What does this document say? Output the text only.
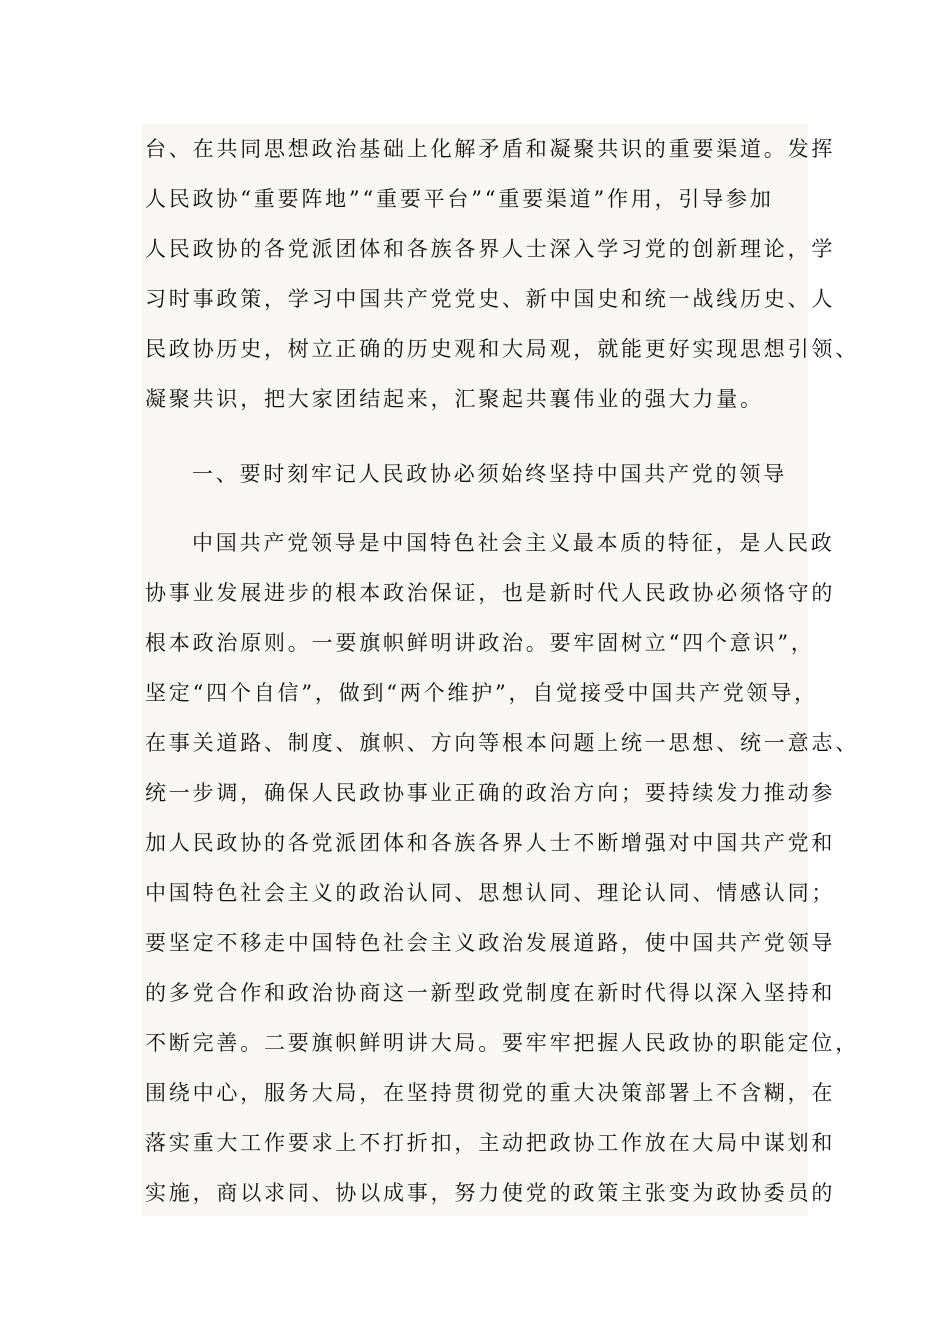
台、在共同思想政治基础上化解矛盾和凝聚共识的重要渠道。发挥
人民政协“重要阵地”“重要平台”“重要渠道”作用，引导参加
人民政协的各党派团体和各族各界人士深入学习党的创新理论，学
习时事政策，学习中国共产党党史、新中国史和统一战线历史、人
民政协历史，树立正确的历史观和大局观，就能更好实现思想引领、
凝聚共识，把大家团结起来，汇聚起共襄伟业的强大力量。
一、要时刻牢记人民政协必须始终坚持中国共产党的领导
中国共产党领导是中国特色社会主义最本质的特征，是人民政
协事业发展进步的根本政治保证，也是新时代人民政协必须恪守的
根本政治原则。一要旗帜鲜明讲政治。要牢固树立“四个意识”，
坚定“四个自信”，做到“两个维护”，自觉接受中国共产党领导，
在事关道路、制度、旗帜、方向等根本问题上统一思想、统一意志、
统一步调，确保人民政协事业正确的政治方向；要持续发力推动参
加人民政协的各党派团体和各族各界人士不断增强对中国共产党和
中国特色社会主义的政治认同、思想认同、理论认同、情感认同；
要坚定不移走中国特色社会主义政治发展道路，使中国共产党领导
的多党合作和政治协商这一新型政党制度在新时代得以深入坚持和
不断完善。二要旗帜鲜明讲大局。要牢牢把握人民政协的职能定位，
围绕中心，服务大局，在坚持贯彻党的重大决策部署上不含糊，在
落实重大工作要求上不打折扣，主动把政协工作放在大局中谋划和
实施，商以求同、协以成事，努力使党的政策主张变为政协委员的
